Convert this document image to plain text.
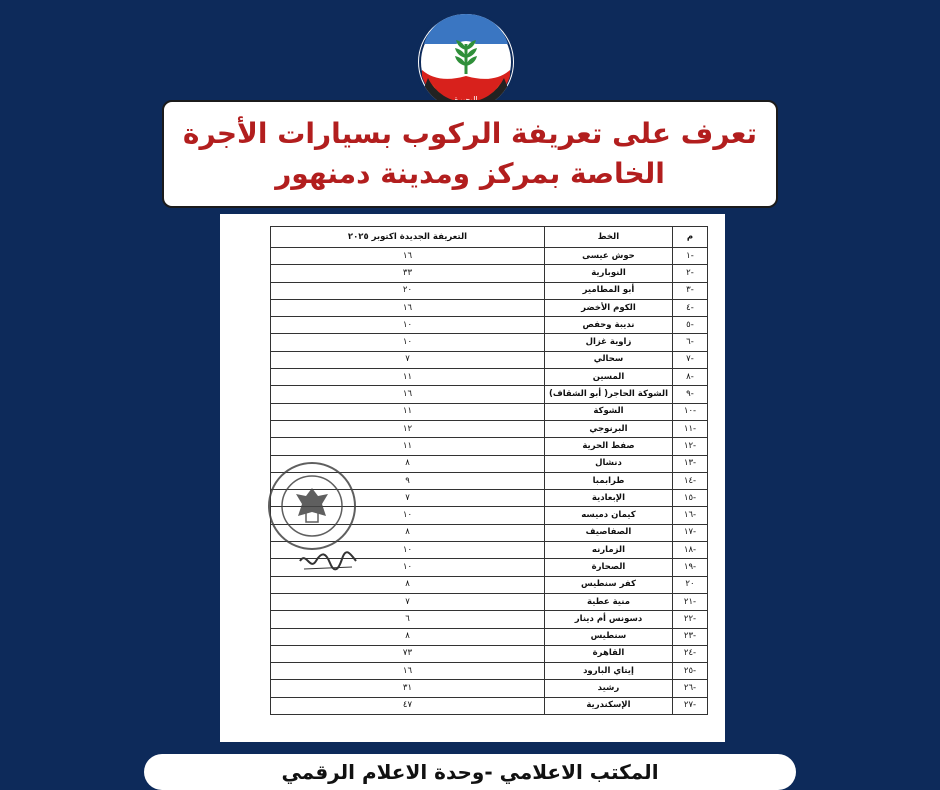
تعرف على تعريفة الركوب بسيارات الأجرة
الخاصة بمركز ومدينة دمنهور
م	الخط	التعريفة الجديدة اكتوبر ٢٠٢٥
-١	حوش عيسى	١٦
-٢	النوبارية	٣٣
-٣	أبو المطامير	٢٠
-٤	الكوم الأخضر	١٦
-٥	نديبة وحفص	١٠
-٦	زاوية غزال	١٠
-٧	سحالي	٧
-٨	المسين	١١
-٩	الشوكة الحاجر( أبو الشقاف)	١٦
-١٠	الشوكة	١١
-١١	البرنوجي	١٢
-١٢	صفط الحرية	١١
-١٣	دنشال	٨
-١٤	طرابمبا	٩
-١٥	الإبعادية	٧
-١٦	كيمان دميسه	١٠
-١٧	الصفاصيف	٨
-١٨	الزمارنه	١٠
-١٩	الصحارة	١٠
٢٠	كفر سنطيس	٨
-٢١	منية عطية	٧
-٢٢	دسونس أم دينار	٦
-٢٣	سنطيس	٨
-٢٤	القاهرة	٧٣
-٢٥	إيتاي البارود	١٦
-٢٦	رشيد	٣١
-٢٧	الإسكندرية	٤٧
المكتب الاعلامي -وحدة الاعلام الرقمي
